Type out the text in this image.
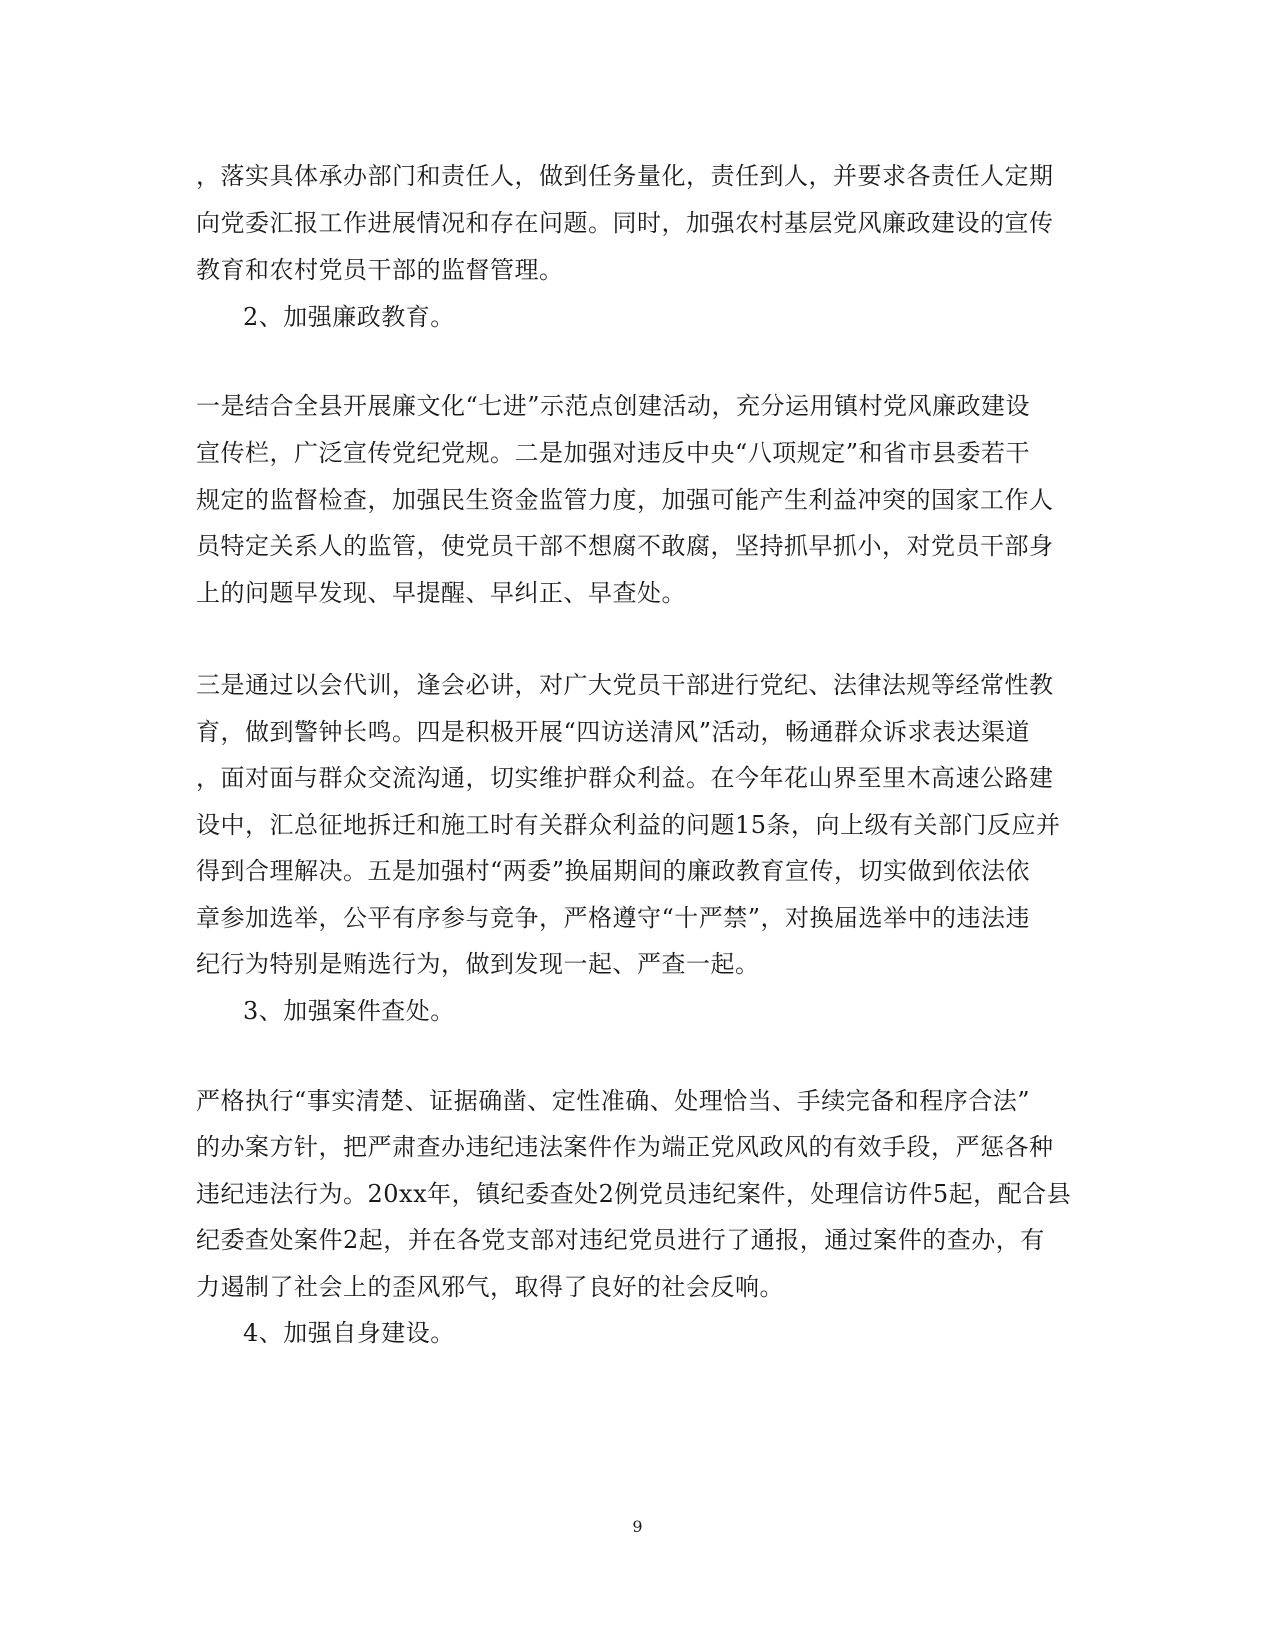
，落实具体承办部门和责任人，做到任务量化，责任到人，并要求各责任人定期
向党委汇报工作进展情况和存在问题。同时，加强农村基层党风廉政建设的宣传
教育和农村党员干部的监督管理。
2、加强廉政教育。
一是结合全县开展廉文化“七进”示范点创建活动，充分运用镇村党风廉政建设
宣传栏，广泛宣传党纪党规。二是加强对违反中央“八项规定”和省市县委若干
规定的监督检查，加强民生资金监管力度，加强可能产生利益冲突的国家工作人
员特定关系人的监管，使党员干部不想腐不敢腐，坚持抓早抓小，对党员干部身
上的问题早发现、早提醒、早纠正、早查处。
三是通过以会代训，逢会必讲，对广大党员干部进行党纪、法律法规等经常性教
育，做到警钟长鸣。四是积极开展“四访送清风”活动，畅通群众诉求表达渠道
，面对面与群众交流沟通，切实维护群众利益。在今年花山界至里木高速公路建
设中，汇总征地拆迁和施工时有关群众利益的问题15条，向上级有关部门反应并
得到合理解决。五是加强村“两委”换届期间的廉政教育宣传，切实做到依法依
章参加选举，公平有序参与竞争，严格遵守“十严禁”，对换届选举中的违法违
纪行为特别是贿选行为，做到发现一起、严查一起。
3、加强案件查处。
严格执行“事实清楚、证据确凿、定性准确、处理恰当、手续完备和程序合法”
的办案方针，把严肃查办违纪违法案件作为端正党风政风的有效手段，严惩各种
违纪违法行为。20xx年，镇纪委查处2例党员违纪案件，处理信访件5起，配合县
纪委查处案件2起，并在各党支部对违纪党员进行了通报，通过案件的查办，有
力遏制了社会上的歪风邪气，取得了良好的社会反响。
4、加强自身建设。
9
